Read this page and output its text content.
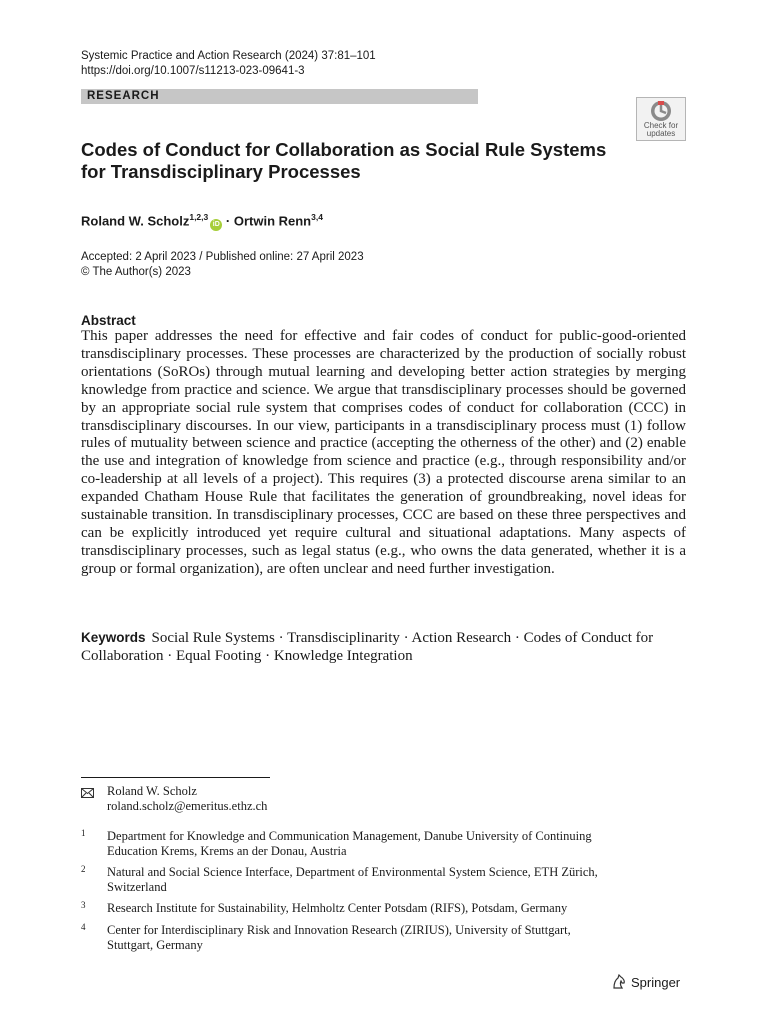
Systemic Practice and Action Research (2024) 37:81–101
https://doi.org/10.1007/s11213-023-09641-3
RESEARCH
Check for
updates
Codes of Conduct for Collaboration as Social Rule Systems
for Transdisciplinary Processes
Roland W. Scholz$^{1,2,3}$iD · Ortwin Renn$^{3,4}$
Accepted: 2 April 2023 / Published online: 27 April 2023
© The Author(s) 2023
Abstract

This paper addresses the need for effective and fair codes of conduct for public-good-oriented transdisciplinary processes. These processes are characterized by the production of socially robust orientations (SoROs) through mutual learning and developing better action strategies by merging knowledge from practice and science. We argue that transdisciplinary processes should be governed by an appropriate social rule system that comprises codes of conduct for collaboration (CCC) in transdisciplinary discourses. In our view, participants in a transdisciplinary process must (1) follow rules of mutuality between science and practice (accepting the otherness of the other) and (2) enable the use and integration of knowledge from science and practice (e.g., through responsibility and/or co-leadership at all levels of a project). This requires (3) a protected discourse arena similar to an expanded Chatham House Rule that facilitates the generation of groundbreaking, novel ideas for sustainable transition. In transdisciplinary processes, CCC are based on these three perspectives and can be explicitly introduced yet require cultural and situational adaptations. Many aspects of transdisciplinary processes, such as legal status (e.g., who owns the data generated, whether it is a group or formal organization), are often unclear and need further investigation.

Keywords Social Rule Systems · Transdisciplinarity · Action Research · Codes of Conduct for Collaboration · Equal Footing · Knowledge Integration

Roland W. Scholz
roland.scholz@emeritus.ethz.ch
1 Department for Knowledge and Communication Management, Danube University of Continuing
Education Krems, Krems an der Donau, Austria
2 Natural and Social Science Interface, Department of Environmental System Science, ETH Zürich,
Switzerland
3 Research Institute for Sustainability, Helmholtz Center Potsdam (RIFS), Potsdam, Germany
4 Center for Interdisciplinary Risk and Innovation Research (ZIRIUS), University of Stuttgart,
Stuttgart, Germany
Springer
